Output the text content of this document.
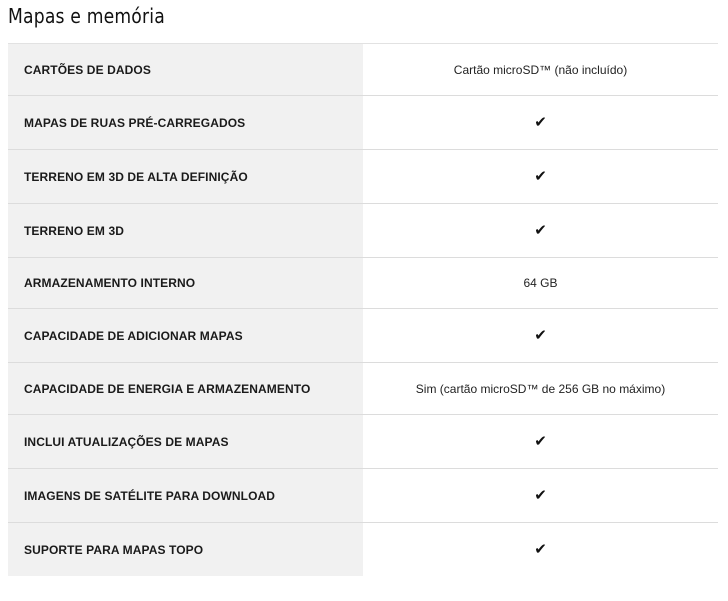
Mapas e memória
CARTÕES DE DADOS	Cartão microSD™ (não incluído)
MAPAS DE RUAS PRÉ-CARREGADOS	✔
TERRENO EM 3D DE ALTA DEFINIÇÃO	✔
TERRENO EM 3D	✔
ARMAZENAMENTO INTERNO	64 GB
CAPACIDADE DE ADICIONAR MAPAS	✔
CAPACIDADE DE ENERGIA E ARMAZENAMENTO	Sim (cartão microSD™ de 256 GB no máximo)
INCLUI ATUALIZAÇÕES DE MAPAS	✔
IMAGENS DE SATÉLITE PARA DOWNLOAD	✔
SUPORTE PARA MAPAS TOPO	✔
